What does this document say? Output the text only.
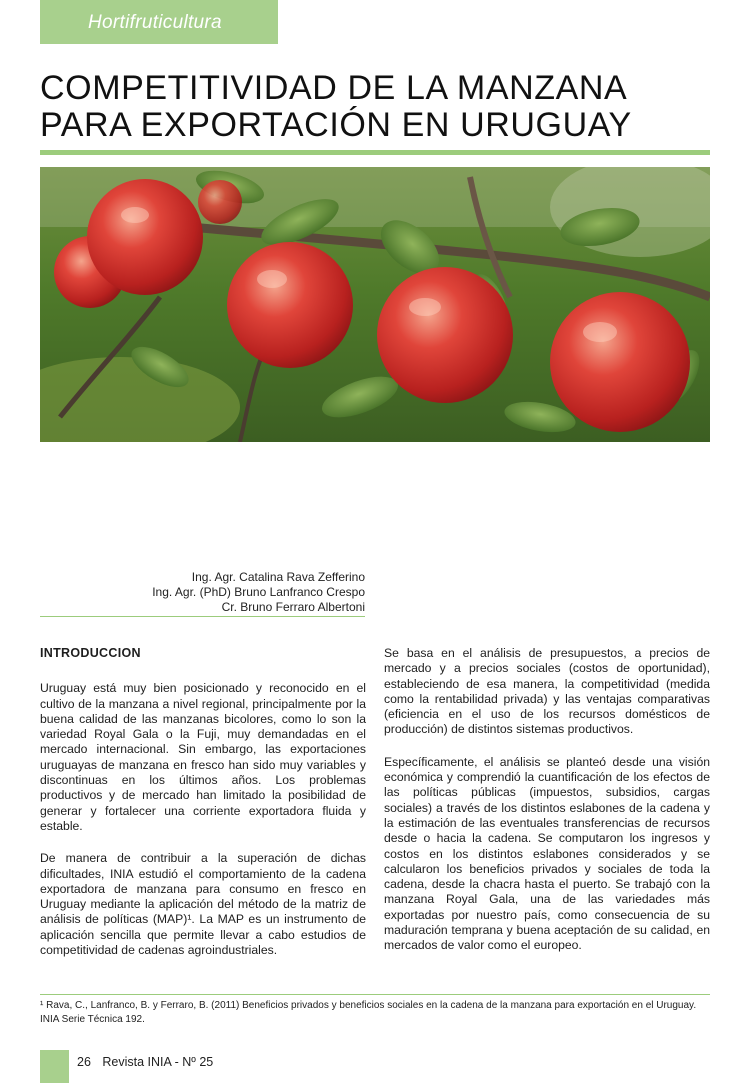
Hortifruticultura
COMPETITIVIDAD DE LA MANZANA PARA EXPORTACIÓN EN URUGUAY
Ing. Agr. Catalina Rava Zefferino
Ing. Agr. (PhD) Bruno Lanfranco Crespo
Cr. Bruno Ferraro Albertoni
INTRODUCCION

Uruguay está muy bien posicionado y reconocido en el cultivo de la manzana a nivel regional, principalmente por la buena calidad de las manzanas bicolores, como lo son la variedad Royal Gala o la Fuji, muy demandadas en el mercado internacional. Sin embargo, las exportaciones uruguayas de manzana en fresco han sido muy variables y discontinuas en los últimos años. Los problemas productivos y de mercado han limitado la posibilidad de generar y fortalecer una corriente exportadora fluida y estable.

De manera de contribuir a la superación de dichas dificultades, INIA estudió el comportamiento de la cadena exportadora de manzana para consumo en fresco en Uruguay mediante la aplicación del método de la matriz de análisis de políticas (MAP)¹. La MAP es un instrumento de aplicación sencilla que permite llevar a cabo estudios de competitividad de cadenas agroindustriales.

Se basa en el análisis de presupuestos, a precios de mercado y a precios sociales (costos de oportunidad), estableciendo de esa manera, la competitividad (medida como la rentabilidad privada) y las ventajas comparativas (eficiencia en el uso de los recursos domésticos de producción) de distintos sistemas productivos.

Específicamente, el análisis se planteó desde una visión económica y comprendió la cuantificación de los efectos de las políticas públicas (impuestos, subsidios, cargas sociales) a través de los distintos eslabones de la cadena y la estimación de las eventuales transferencias de recursos desde o hacia la cadena. Se computaron los ingresos y costos en los distintos eslabones considerados y se calcularon los beneficios privados y sociales de toda la cadena, desde la chacra hasta el puerto. Se trabajó con la manzana Royal Gala, una de las variedades más exportadas por nuestro país, como consecuencia de su maduración temprana y buena aceptación de su calidad, en mercados de valor como el europeo.

¹ Rava, C., Lanfranco, B. y Ferraro, B. (2011) Beneficios privados y beneficios sociales en la cadena de la manzana para exportación en el Uruguay. INIA Serie Técnica 192.
26 Revista INIA - Nº 25
